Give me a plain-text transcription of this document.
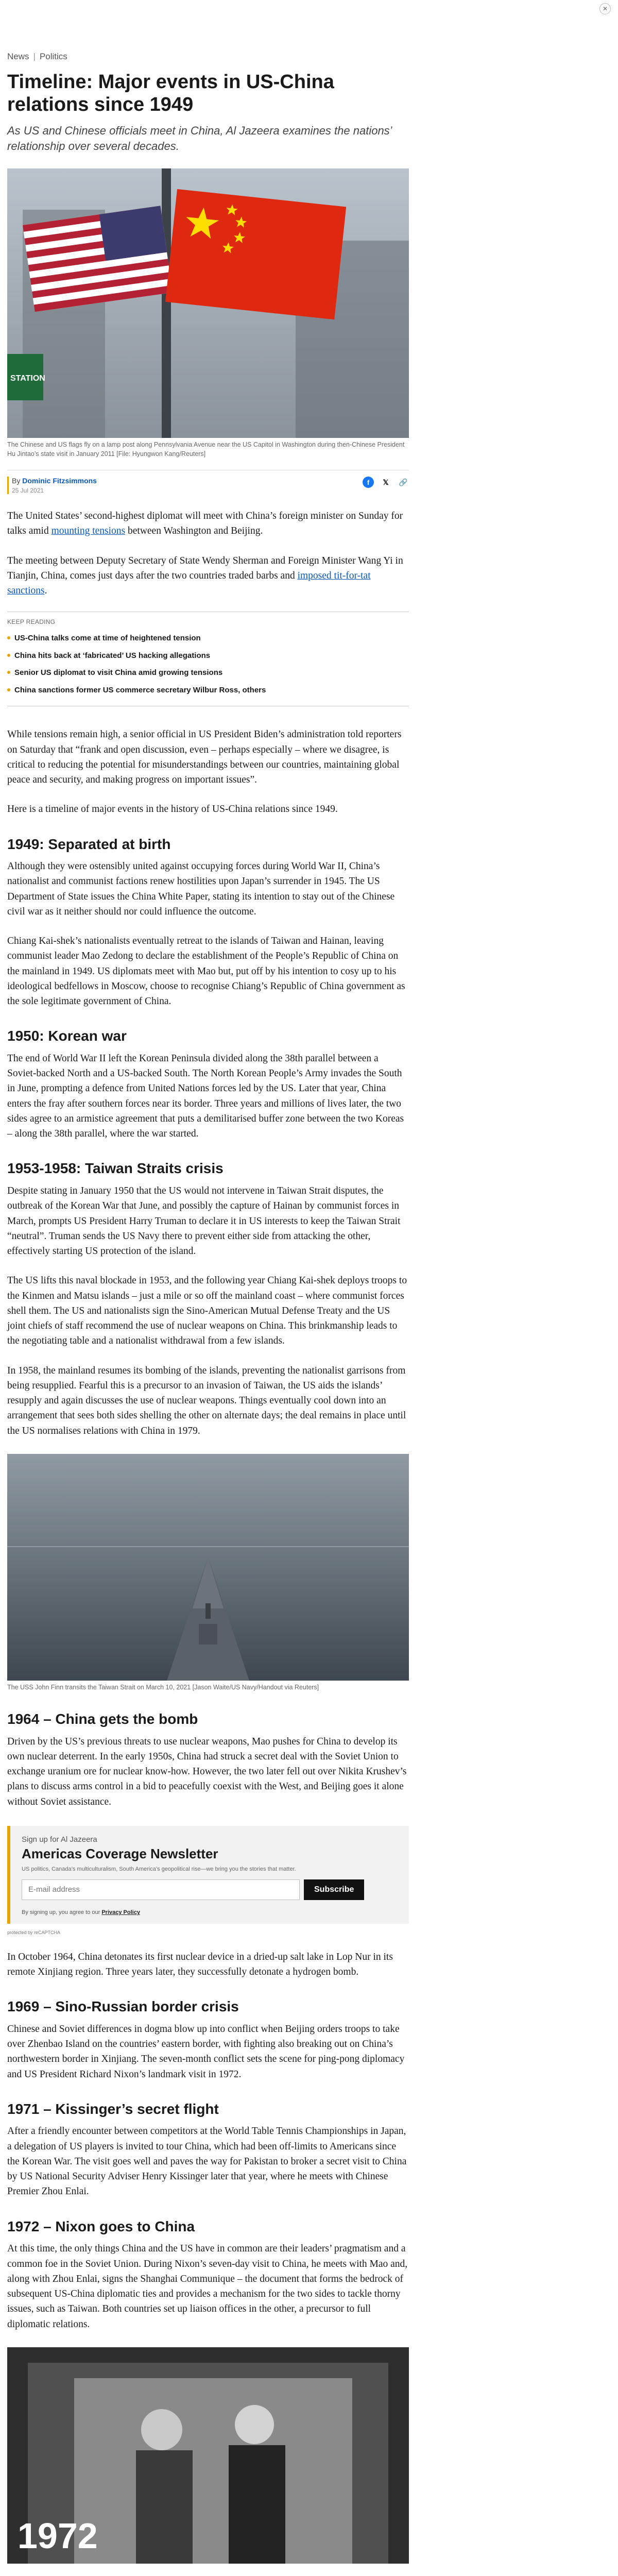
✕
News | Politics
Timeline: Major events in US-China relations since 1949

As US and Chinese officials meet in China, Al Jazeera examines the nations’ relationship over several decades.

STATION

The Chinese and US flags fly on a lamp post along Pennsylvania Avenue near the US Capitol in Washington during then-Chinese President Hu Jintao’s state visit in January 2011 [File: Hyungwon Kang/Reuters]

By Dominic Fitzsimmons
25 Jul 2021
f	𝕏	🔗

The United States’ second-highest diplomat will meet with China’s foreign minister on Sunday for talks amid mounting tensions between Washington and Beijing.

The meeting between Deputy Secretary of State Wendy Sherman and Foreign Minister Wang Yi in Tianjin, China, comes just days after the two countries traded barbs and imposed tit-for-tat sanctions.

KEEP READING
US-China talks come at time of heightened tension
China hits back at ‘fabricated’ US hacking allegations
Senior US diplomat to visit China amid growing tensions
China sanctions former US commerce secretary Wilbur Ross, others

While tensions remain high, a senior official in US President Biden’s administration told reporters on Saturday that “frank and open discussion, even – perhaps especially – where we disagree, is critical to reducing the potential for misunderstandings between our countries, maintaining global peace and security, and making progress on important issues”.

Here is a timeline of major events in the history of US-China relations since 1949.

1949: Separated at birth

Although they were ostensibly united against occupying forces during World War II, China’s nationalist and communist factions renew hostilities upon Japan’s surrender in 1945. The US Department of State issues the China White Paper, stating its intention to stay out of the Chinese civil war as it neither should nor could influence the outcome.

Chiang Kai-shek’s nationalists eventually retreat to the islands of Taiwan and Hainan, leaving communist leader Mao Zedong to declare the establishment of the People’s Republic of China on the mainland in 1949. US diplomats meet with Mao but, put off by his intention to cosy up to his ideological bedfellows in Moscow, choose to recognise Chiang’s Republic of China government as the sole legitimate government of China.

1950: Korean war

The end of World War II left the Korean Peninsula divided along the 38th parallel between a Soviet-backed North and a US-backed South. The North Korean People’s Army invades the South in June, prompting a defence from United Nations forces led by the US. Later that year, China enters the fray after southern forces near its border. Three years and millions of lives later, the two sides agree to an armistice agreement that puts a demilitarised buffer zone between the two Koreas – along the 38th parallel, where the war started.

1953-1958: Taiwan Straits crisis

Despite stating in January 1950 that the US would not intervene in Taiwan Strait disputes, the outbreak of the Korean War that June, and possibly the capture of Hainan by communist forces in March, prompts US President Harry Truman to declare it in US interests to keep the Taiwan Strait “neutral”. Truman sends the US Navy there to prevent either side from attacking the other, effectively starting US protection of the island.

The US lifts this naval blockade in 1953, and the following year Chiang Kai-shek deploys troops to the Kinmen and Matsu islands – just a mile or so off the mainland coast – where communist forces shell them. The US and nationalists sign the Sino-American Mutual Defense Treaty and the US joint chiefs of staff recommend the use of nuclear weapons on China. This brinkmanship leads to the negotiating table and a nationalist withdrawal from a few islands.

In 1958, the mainland resumes its bombing of the islands, preventing the nationalist garrisons from being resupplied. Fearful this is a precursor to an invasion of Taiwan, the US aids the islands’ resupply and again discusses the use of nuclear weapons. Things eventually cool down into an arrangement that sees both sides shelling the other on alternate days; the deal remains in place until the US normalises relations with China in 1979.

The USS John Finn transits the Taiwan Strait on March 10, 2021 [Jason Waite/US Navy/Handout via Reuters]

1964 – China gets the bomb

Driven by the US’s previous threats to use nuclear weapons, Mao pushes for China to develop its own nuclear deterrent. In the early 1950s, China had struck a secret deal with the Soviet Union to exchange uranium ore for nuclear know-how. However, the two later fell out over Nikita Krushev’s plans to discuss arms control in a bid to peacefully coexist with the West, and Beijing goes it alone without Soviet assistance.

Sign up for Al Jazeera
Americas Coverage Newsletter
US politics, Canada’s multiculturalism, South America’s geopolitical rise—we bring you the stories that matter.
E-mail address
Subscribe
By signing up, you agree to our Privacy Policy
protected by reCAPTCHA

In October 1964, China detonates its first nuclear device in a dried-up salt lake in Lop Nur in its remote Xinjiang region. Three years later, they successfully detonate a hydrogen bomb.

1969 – Sino-Russian border crisis

Chinese and Soviet differences in dogma blow up into conflict when Beijing orders troops to take over Zhenbao Island on the countries’ eastern border, with fighting also breaking out on China’s northwestern border in Xinjiang. The seven-month conflict sets the scene for ping-pong diplomacy and US President Richard Nixon’s landmark visit in 1972.

1971 – Kissinger’s secret flight

After a friendly encounter between competitors at the World Table Tennis Championships in Japan, a delegation of US players is invited to tour China, which had been off-limits to Americans since the Korean War. The visit goes well and paves the way for Pakistan to broker a secret visit to China by US National Security Adviser Henry Kissinger later that year, where he meets with Chinese Premier Zhou Enlai.

1972 – Nixon goes to China

At this time, the only things China and the US have in common are their leaders’ pragmatism and a common foe in the Soviet Union. During Nixon’s seven-day visit to China, he meets with Mao and, along with Zhou Enlai, signs the Shanghai Communique – the document that forms the bedrock of subsequent US-China diplomatic ties and provides a mechanism for the two sides to tackle thorny issues, such as Taiwan. Both countries set up liaison offices in the other, a precursor to full diplomatic relations.

1972
